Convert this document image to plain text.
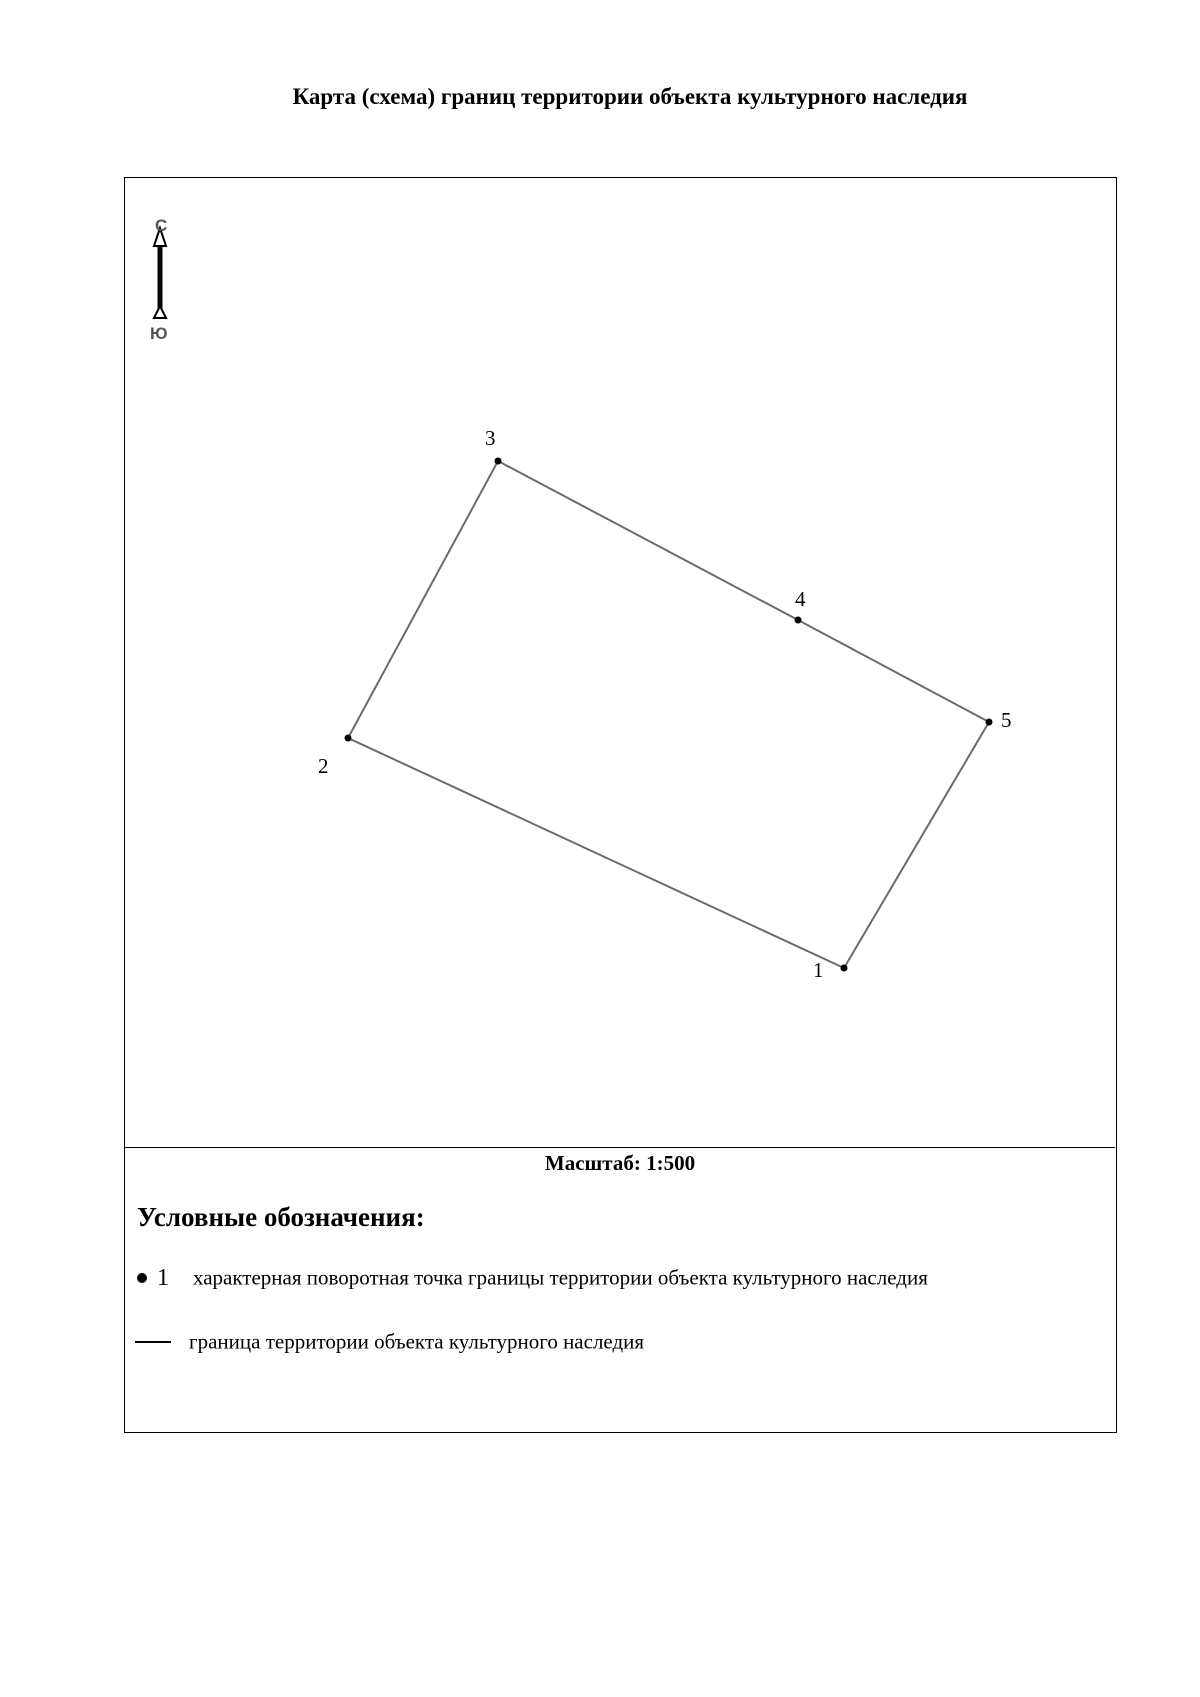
Карта (схема) границ территории объекта культурного наследия
1
2
3
4
5
С
Ю
Масштаб: 1:500
Условные обозначения:
1 характерная поворотная точка границы территории объекта культурного наследия
граница территории объекта культурного наследия
